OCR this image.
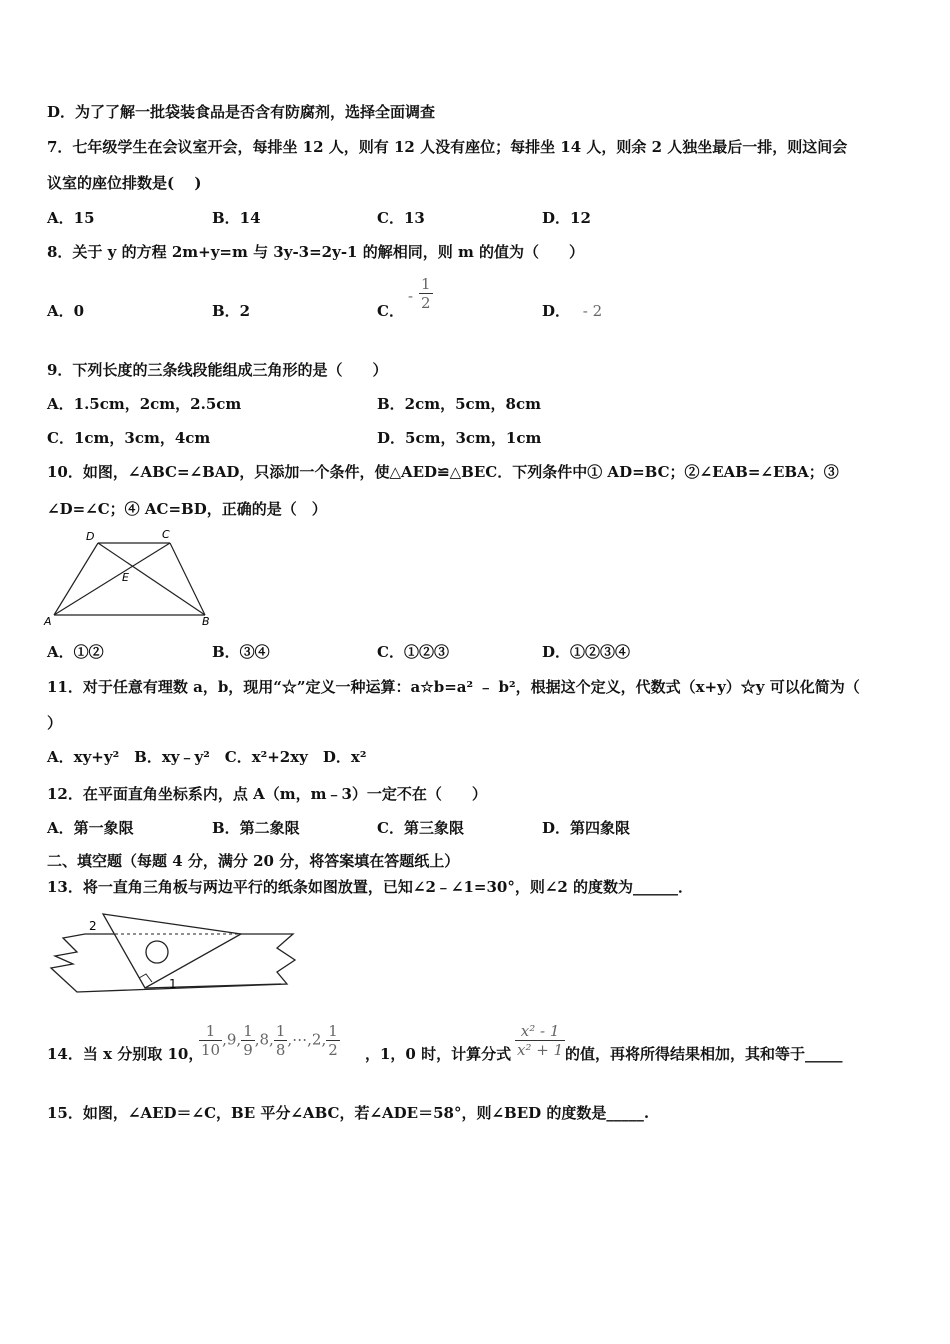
D．为了了解一批袋装食品是否含有防腐剂，选择全面调查
7．七年级学生在会议室开会，每排坐 12 人，则有 12 人没有座位；每排坐 14 人，则余 2 人独坐最后一排，则这间会
议室的座位排数是(　 )
A．15	B．14	C．13	D．12
8．关于 y 的方程 2m+y=m 与 3y-3=2y-1 的解相同，则 m 的值为（　　）
A．0	B．2	C．
- $\frac{1}{2}$	D． - 2
9．下列长度的三条线段能组成三角形的是（　　）
A．1.5cm，2cm，2.5cm	B．2cm，5cm，8cm
C．1cm，3cm，4cm	D．5cm，3cm，1cm
10．如图，∠ABC=∠BAD，只添加一个条件，使△AED≌△BEC．下列条件中① AD=BC；②∠EAB=∠EBA；③
∠D=∠C；④ AC=BD，正确的是（　）
D	C
E
A	B
A．①②	B．③④	C．①②③	D．①②③④
11．对于任意有理数 a，b，现用“☆”定义一种运算：a☆b=a² ﹣ b²，根据这个定义，代数式（x+y）☆y 可以化简为（
）
A．xy+y²　B．xy﹣y²　C．x²+2xy　D．x²
12．在平面直角坐标系内，点 A（m，m﹣3）一定不在（　　）
A．第一象限	B．第二象限	C．第三象限	D．第四象限
二、填空题（每题 4 分，满分 20 分，将答案填在答题纸上）
13．将一直角三角板与两边平行的纸条如图放置，已知∠2﹣∠1=30°，则∠2 的度数为______．
2
1
14．当 x 分别取 10，
$\frac{1}{10} ,9$, $\frac{1}{9} ,8$, $\frac{1}{8}$ ,⋯,2, $\frac{1}{2}$ ，1，0 时，计算分式 $\frac{\text{x² - 1}}{\text{x² + 1}}$ 的值，再将所得结果相加，其和等于_____
15．如图，∠AED＝∠C，BE 平分∠ABC，若∠ADE＝58°，则∠BED 的度数是_____.
